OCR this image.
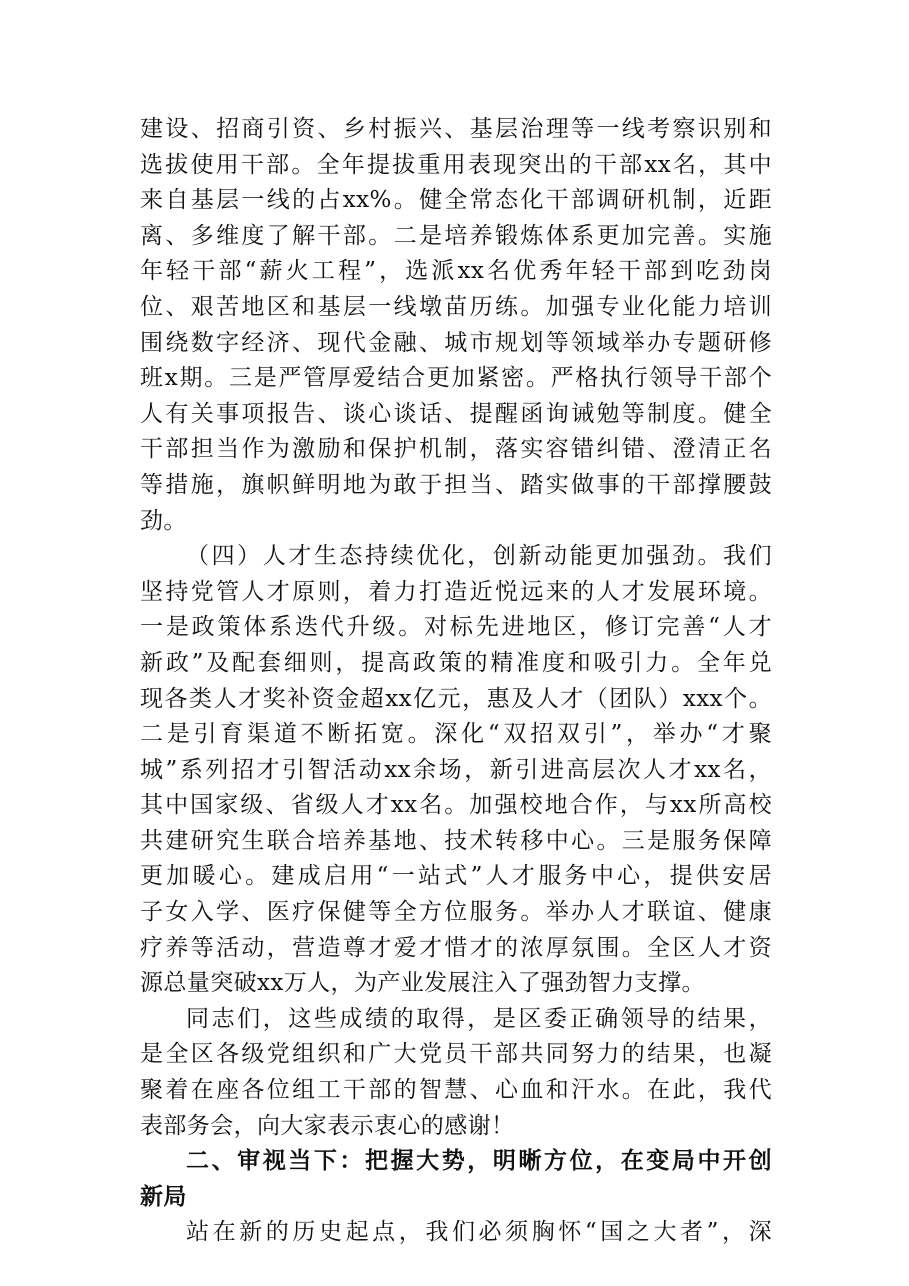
建设、招商引资、乡村振兴、基层治理等一线考察识别和
选拔使用干部。全年提拔重用表现突出的干部xx名，其中
来自基层一线的占xx%。健全常态化干部调研机制，近距
离、多维度了解干部。二是培养锻炼体系更加完善。实施
年轻干部“薪火工程”，选派xx名优秀年轻干部到吃劲岗
位、艰苦地区和基层一线墩苗历练。加强专业化能力培训
围绕数字经济、现代金融、城市规划等领域举办专题研修
班x期。三是严管厚爱结合更加紧密。严格执行领导干部个
人有关事项报告、谈心谈话、提醒函询诫勉等制度。健全
干部担当作为激励和保护机制，落实容错纠错、澄清正名
等措施，旗帜鲜明地为敢于担当、踏实做事的干部撑腰鼓
劲。
（四）人才生态持续优化，创新动能更加强劲。我们
坚持党管人才原则，着力打造近悦远来的人才发展环境。
一是政策体系迭代升级。对标先进地区，修订完善“人才
新政”及配套细则，提高政策的精准度和吸引力。全年兑
现各类人才奖补资金超xx亿元，惠及人才（团队）xxx个。
二是引育渠道不断拓宽。深化“双招双引”，举办“才聚
城”系列招才引智活动xx余场，新引进高层次人才xx名，
其中国家级、省级人才xx名。加强校地合作，与xx所高校
共建研究生联合培养基地、技术转移中心。三是服务保障
更加暖心。建成启用“一站式”人才服务中心，提供安居
子女入学、医疗保健等全方位服务。举办人才联谊、健康
疗养等活动，营造尊才爱才惜才的浓厚氛围。全区人才资
源总量突破xx万人，为产业发展注入了强劲智力支撑。
同志们，这些成绩的取得，是区委正确领导的结果，
是全区各级党组织和广大党员干部共同努力的结果，也凝
聚着在座各位组工干部的智慧、心血和汗水。在此，我代
表部务会，向大家表示衷心的感谢！
二、审视当下：把握大势，明晰方位，在变局中开创
新局
站在新的历史起点，我们必须胸怀“国之大者”，深
